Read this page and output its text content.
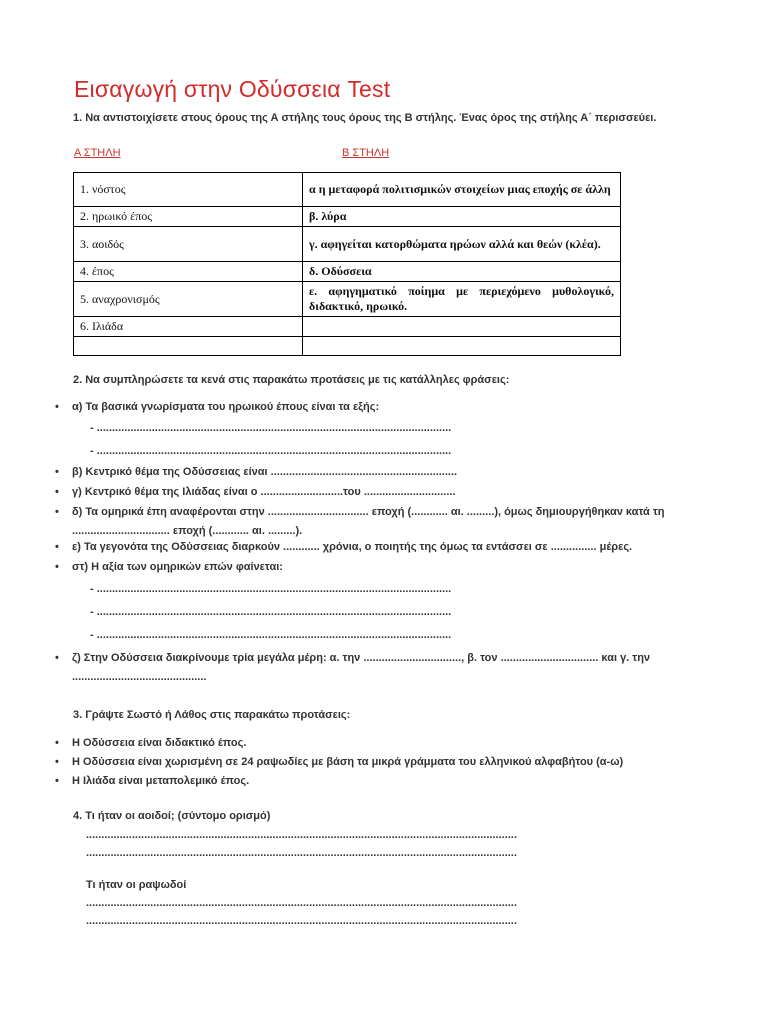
Εισαγωγή στην Οδύσσεια Test
1. Να αντιστοιχίσετε στους όρους της Α στήλης τους όρους της Β στήλης. Ένας όρος της στήλης Α΄ περισσεύει.
Α ΣΤΗΛΗ	Β ΣΤΗΛΗ
1. νόστος	α η μεταφορά πολιτισμικών στοιχείων μιας εποχής σε άλλη
2. ηρωικό έπος	β. λύρα
3. αοιδός	γ. αφηγείται κατορθώματα ηρώων αλλά και θεών (κλέα).
4. έπος	δ. Οδύσσεια
5. αναχρονισμός	ε. αφηγηματικό ποίημα με περιεχόμενο μυθολογικό, διδακτικό, ηρωικό.
6. Ιλιάδα	

2. Να συμπληρώσετε τα κενά στις παρακάτω προτάσεις με τις κατάλληλες φράσεις:
• α) Τα βασικά γνωρίσματα του ηρωικού έπους είναι τα εξής:
- ....................................................................................................................
- ....................................................................................................................
• β) Κεντρικό θέμα της Οδύσσειας είναι .............................................................
• γ) Κεντρικό θέμα της Ιλιάδας είναι ο ...........................του ..............................
• δ) Τα ομηρικά έπη αναφέρονται στην ................................. εποχή (............ αι. .........), όμως δημιουργήθηκαν κατά τη ................................ εποχή (............ αι. .........).
• ε) Τα γεγονότα της Οδύσσειας διαρκούν ............ χρόνια, ο ποιητής της όμως τα εντάσσει σε ............... μέρες.
• στ) Η αξία των ομηρικών επών φαίνεται:
- ....................................................................................................................
- ....................................................................................................................
- ....................................................................................................................
• ζ) Στην Οδύσσεια διακρίνουμε τρία μεγάλα μέρη: α. την ................................, β. τον ................................ και γ. την ............................................
3. Γράψτε Σωστό ή Λάθος στις παρακάτω προτάσεις:
• Η Οδύσσεια είναι διδακτικό έπος.
• Η Οδύσσεια είναι χωρισμένη σε 24 ραψωδίες με βάση τα μικρά γράμματα του ελληνικού αλφαβήτου (α-ω)
• Η Ιλιάδα είναι μεταπολεμικό έπος.
4. Τι ήταν οι αοιδοί; (σύντομο ορισμό)
.............................................................................................................................................
.............................................................................................................................................
Τι ήταν οι ραψωδοί
.............................................................................................................................................
.............................................................................................................................................
